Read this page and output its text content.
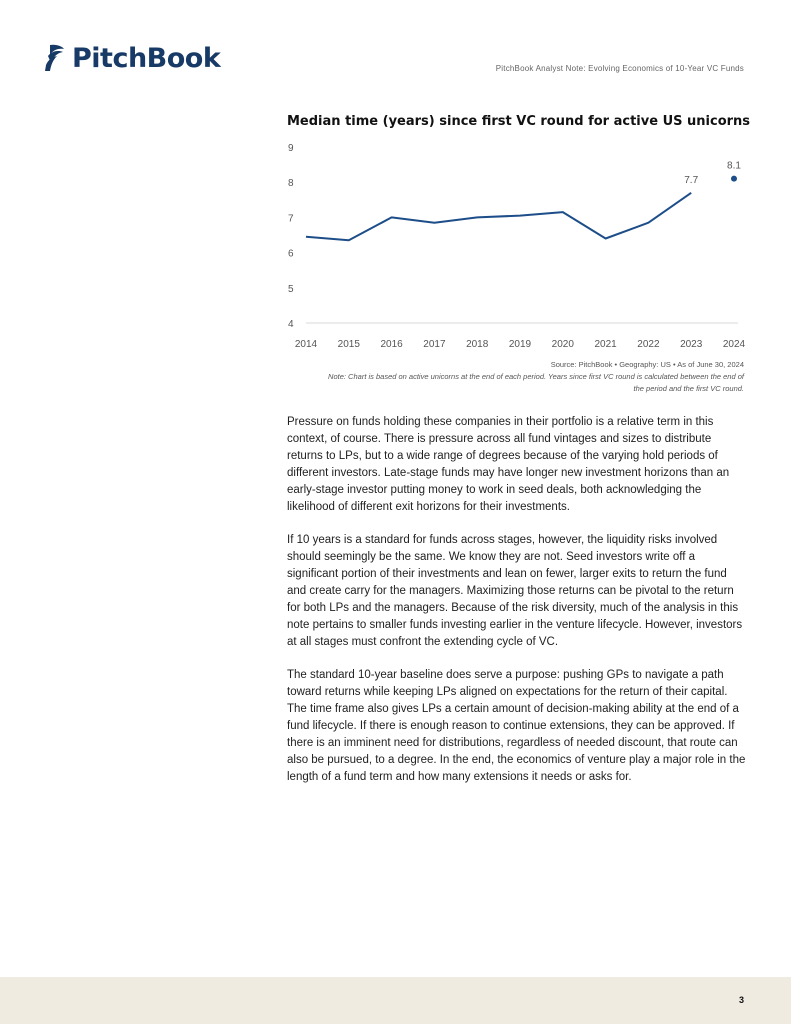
PitchBook	PitchBook Analyst Note: Evolving Economics of 10-Year VC Funds
Median time (years) since first VC round for active US unicorns
4
5
6
7
8
9
2014 2015 2016 2017 2018 2019 2020 2021 2022 2023 2024
7.7
8.1
Source: PitchBook • Geography: US • As of June 30, 2024
Note: Chart is based on active unicorns at the end of each period. Years since first VC round is calculated between the end of the period and the first VC round.

Pressure on funds holding these companies in their portfolio is a relative term in this context, of course. There is pressure across all fund vintages and sizes to distribute returns to LPs, but to a wide range of degrees because of the varying hold periods of different investors. Late-stage funds may have longer new investment horizons than an early-stage investor putting money to work in seed deals, both acknowledging the likelihood of different exit horizons for their investments.

If 10 years is a standard for funds across stages, however, the liquidity risks involved should seemingly be the same. We know they are not. Seed investors write off a significant portion of their investments and lean on fewer, larger exits to return the fund and create carry for the managers. Maximizing those returns can be pivotal to the return for both LPs and the managers. Because of the risk diversity, much of the analysis in this note pertains to smaller funds investing earlier in the venture lifecycle. However, investors at all stages must confront the extending cycle of VC.

The standard 10-year baseline does serve a purpose: pushing GPs to navigate a path toward returns while keeping LPs aligned on expectations for the return of their capital. The time frame also gives LPs a certain amount of decision-making ability at the end of a fund lifecycle. If there is enough reason to continue extensions, they can be approved. If there is an imminent need for distributions, regardless of needed discount, that route can also be pursued, to a degree. In the end, the economics of venture play a major role in the length of a fund term and how many extensions it needs or asks for.

3
